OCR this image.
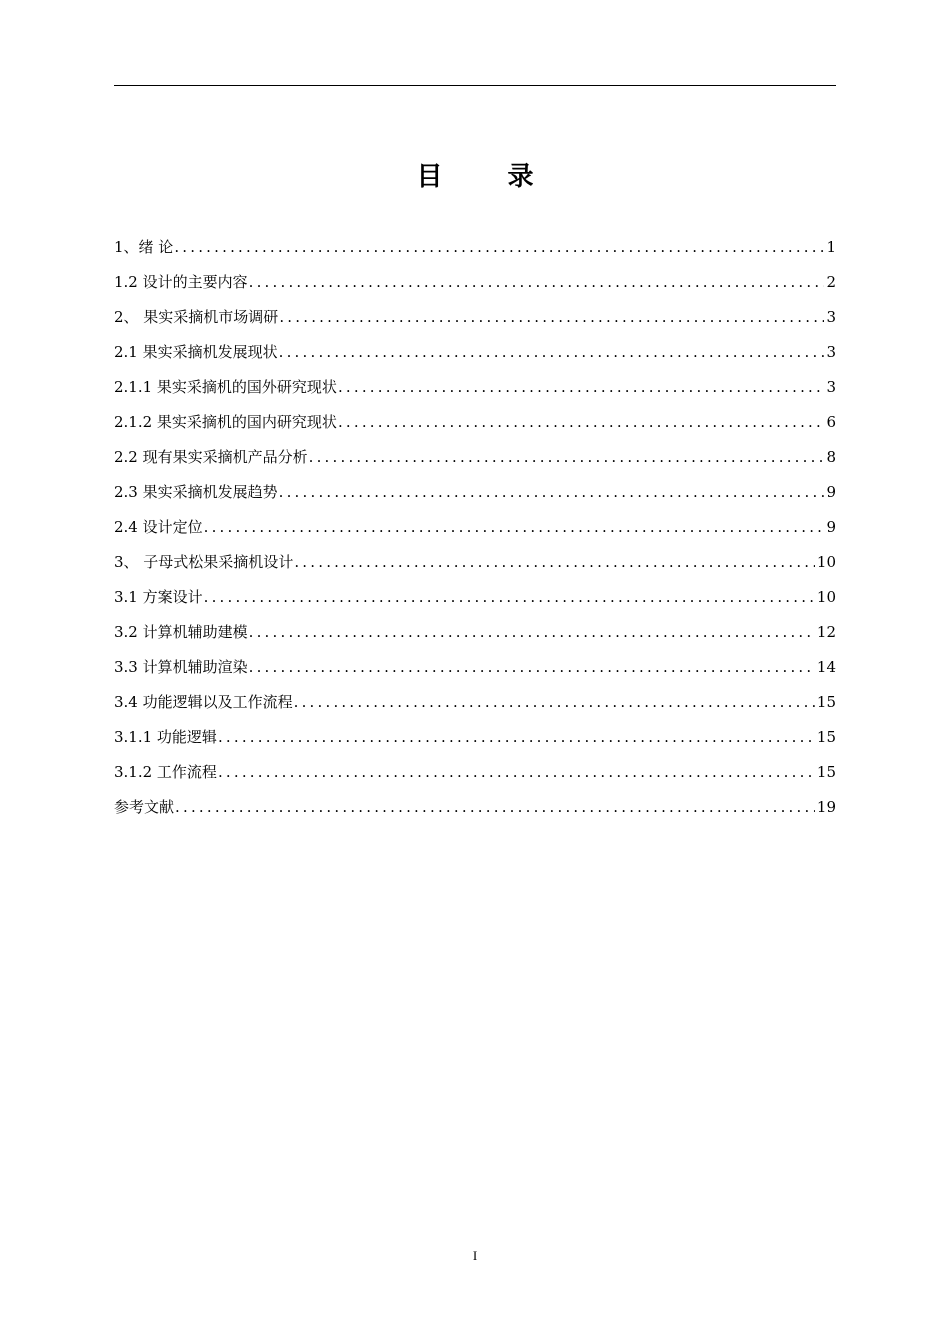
目 录
1、绪 论 .....	1
1.2 设计的主要内容 .....	2
2、 果实采摘机市场调研 .....	3
2.1 果实采摘机发展现状 .....	3
2.1.1 果实采摘机的国外研究现状 .....	3
2.1.2 果实采摘机的国内研究现状 .....	6
2.2 现有果实采摘机产品分析 .....	8
2.3 果实采摘机发展趋势 .....	9
2.4 设计定位 .....	9
3、 子母式松果采摘机设计 .....	10
3.1 方案设计 .....	10
3.2 计算机辅助建模 .....	12
3.3 计算机辅助渲染 .....	14
3.4 功能逻辑以及工作流程 .....	15
3.1.1 功能逻辑 .....	15
3.1.2 工作流程 .....	15
参考文献 .....	19
I
